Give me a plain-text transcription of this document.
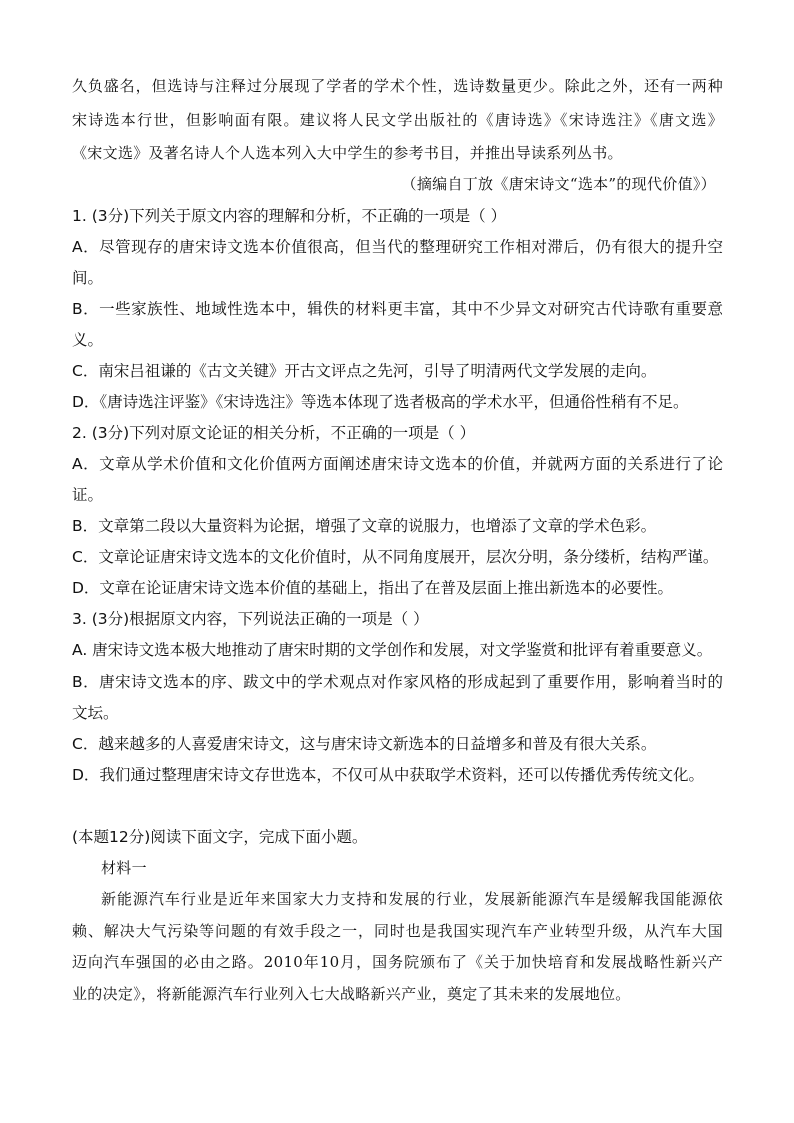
久负盛名，但选诗与注释过分展现了学者的学术个性，选诗数量更少。除此之外，还有一两种
宋诗选本行世，但影响面有限。建议将人民文学出版社的《唐诗选》《宋诗选注》《唐文选》
《宋文选》及著名诗人个人选本列入大中学生的参考书目，并推出导读系列丛书。
（摘编自丁放《唐宋诗文“选本”的现代价值》）
1. (3分)下列关于原文内容的理解和分析，不正确的一项是（ ）
A．尽管现存的唐宋诗文选本价值很高，但当代的整理研究工作相对滞后，仍有很大的提升空
间。
B．一些家族性、地域性选本中，辑佚的材料更丰富，其中不少异文对研究古代诗歌有重要意
义。
C．南宋吕祖谦的《古文关键》开古文评点之先河，引导了明清两代文学发展的走向。
D．《唐诗选注评鉴》《宋诗选注》等选本体现了选者极高的学术水平，但通俗性稍有不足。
2. (3分)下列对原文论证的相关分析，不正确的一项是（ ）
A．文章从学术价值和文化价值两方面阐述唐宋诗文选本的价值，并就两方面的关系进行了论
证。
B．文章第二段以大量资料为论据，增强了文章的说服力，也增添了文章的学术色彩。
C．文章论证唐宋诗文选本的文化价值时，从不同角度展开，层次分明，条分缕析，结构严谨。
D．文章在论证唐宋诗文选本价值的基础上，指出了在普及层面上推出新选本的必要性。
3. (3分)根据原文内容，下列说法正确的一项是（ ）
A. 唐宋诗文选本极大地推动了唐宋时期的文学创作和发展，对文学鉴赏和批评有着重要意义。
B．唐宋诗文选本的序、跋文中的学术观点对作家风格的形成起到了重要作用，影响着当时的
文坛。
C．越来越多的人喜爱唐宋诗文，这与唐宋诗文新选本的日益增多和普及有很大关系。
D．我们通过整理唐宋诗文存世选本，不仅可从中获取学术资料，还可以传播优秀传统文化。
(本题12分)阅读下面文字，完成下面小题。
材料一
新能源汽车行业是近年来国家大力支持和发展的行业，发展新能源汽车是缓解我国能源依
赖、解决大气污染等问题的有效手段之一，同时也是我国实现汽车产业转型升级，从汽车大国
迈向汽车强国的必由之路。2010年10月，国务院颁布了《关于加快培育和发展战略性新兴产
业的决定》，将新能源汽车行业列入七大战略新兴产业，奠定了其未来的发展地位。
